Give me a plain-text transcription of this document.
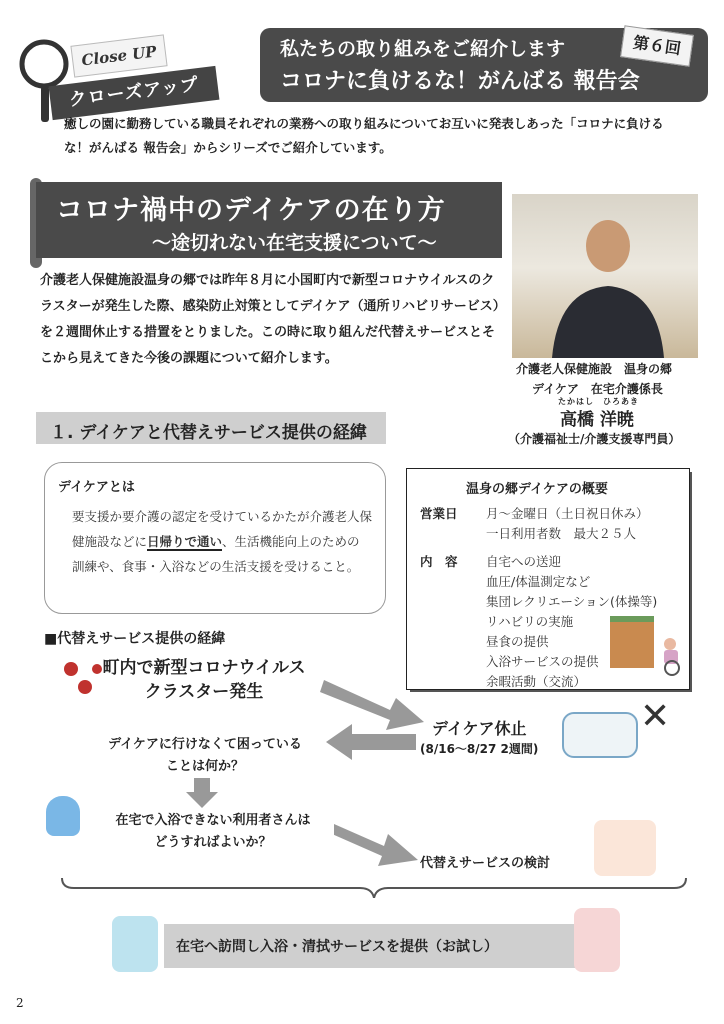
Close UP
クローズアップ
私たちの取り組みをご紹介します
コロナに負けるな！がんばる 報告会
第６回
癒しの園に勤務している職員それぞれの業務への取り組みについてお互いに発表しあった「コロナに負けるな！がんばる 報告会」からシリーズでご紹介しています。
コロナ禍中のデイケアの在り方
～途切れない在宅支援について～
介護老人保健施設温身の郷では昨年８月に小国町内で新型コロナウイルスのクラスターが発生した際、感染防止対策としてデイケア（通所リハビリサービス）を２週間休止する措置をとりました。この時に取り組んだ代替えサービスとそこから見えてきた今後の課題について紹介します。
介護老人保健施設　温身の郷
デイケア　在宅介護係長
たかはし　ひろあき
高橋 洋暁
（介護福祉士/介護支援専門員）
１. デイケアと代替えサービス提供の経緯
デイケアとは
要支援か要介護の認定を受けているかたが介護老人保健施設などに日帰りで通い、生活機能向上のための訓練や、食事・入浴などの生活支援を受けること。
温身の郷デイケアの概要
営業日 月～金曜日（土日祝日休み）
一日利用者数　最大２５人
内　容 自宅への送迎
血圧/体温測定など
集団レクリエーション(体操等)
リハビリの実施
昼食の提供
入浴サービスの提供
余暇活動（交流）
■代替えサービス提供の経緯
町内で新型コロナウイルス
クラスター発生
デイケア休止
(8/16～8/27 2週間)
✕
デイケアに行けなくて困っている
ことは何か？
在宅で入浴できない利用者さんは
どうすればよいか？
代替えサービスの検討
在宅へ訪問し入浴・清拭サービスを提供（お試し）
2
